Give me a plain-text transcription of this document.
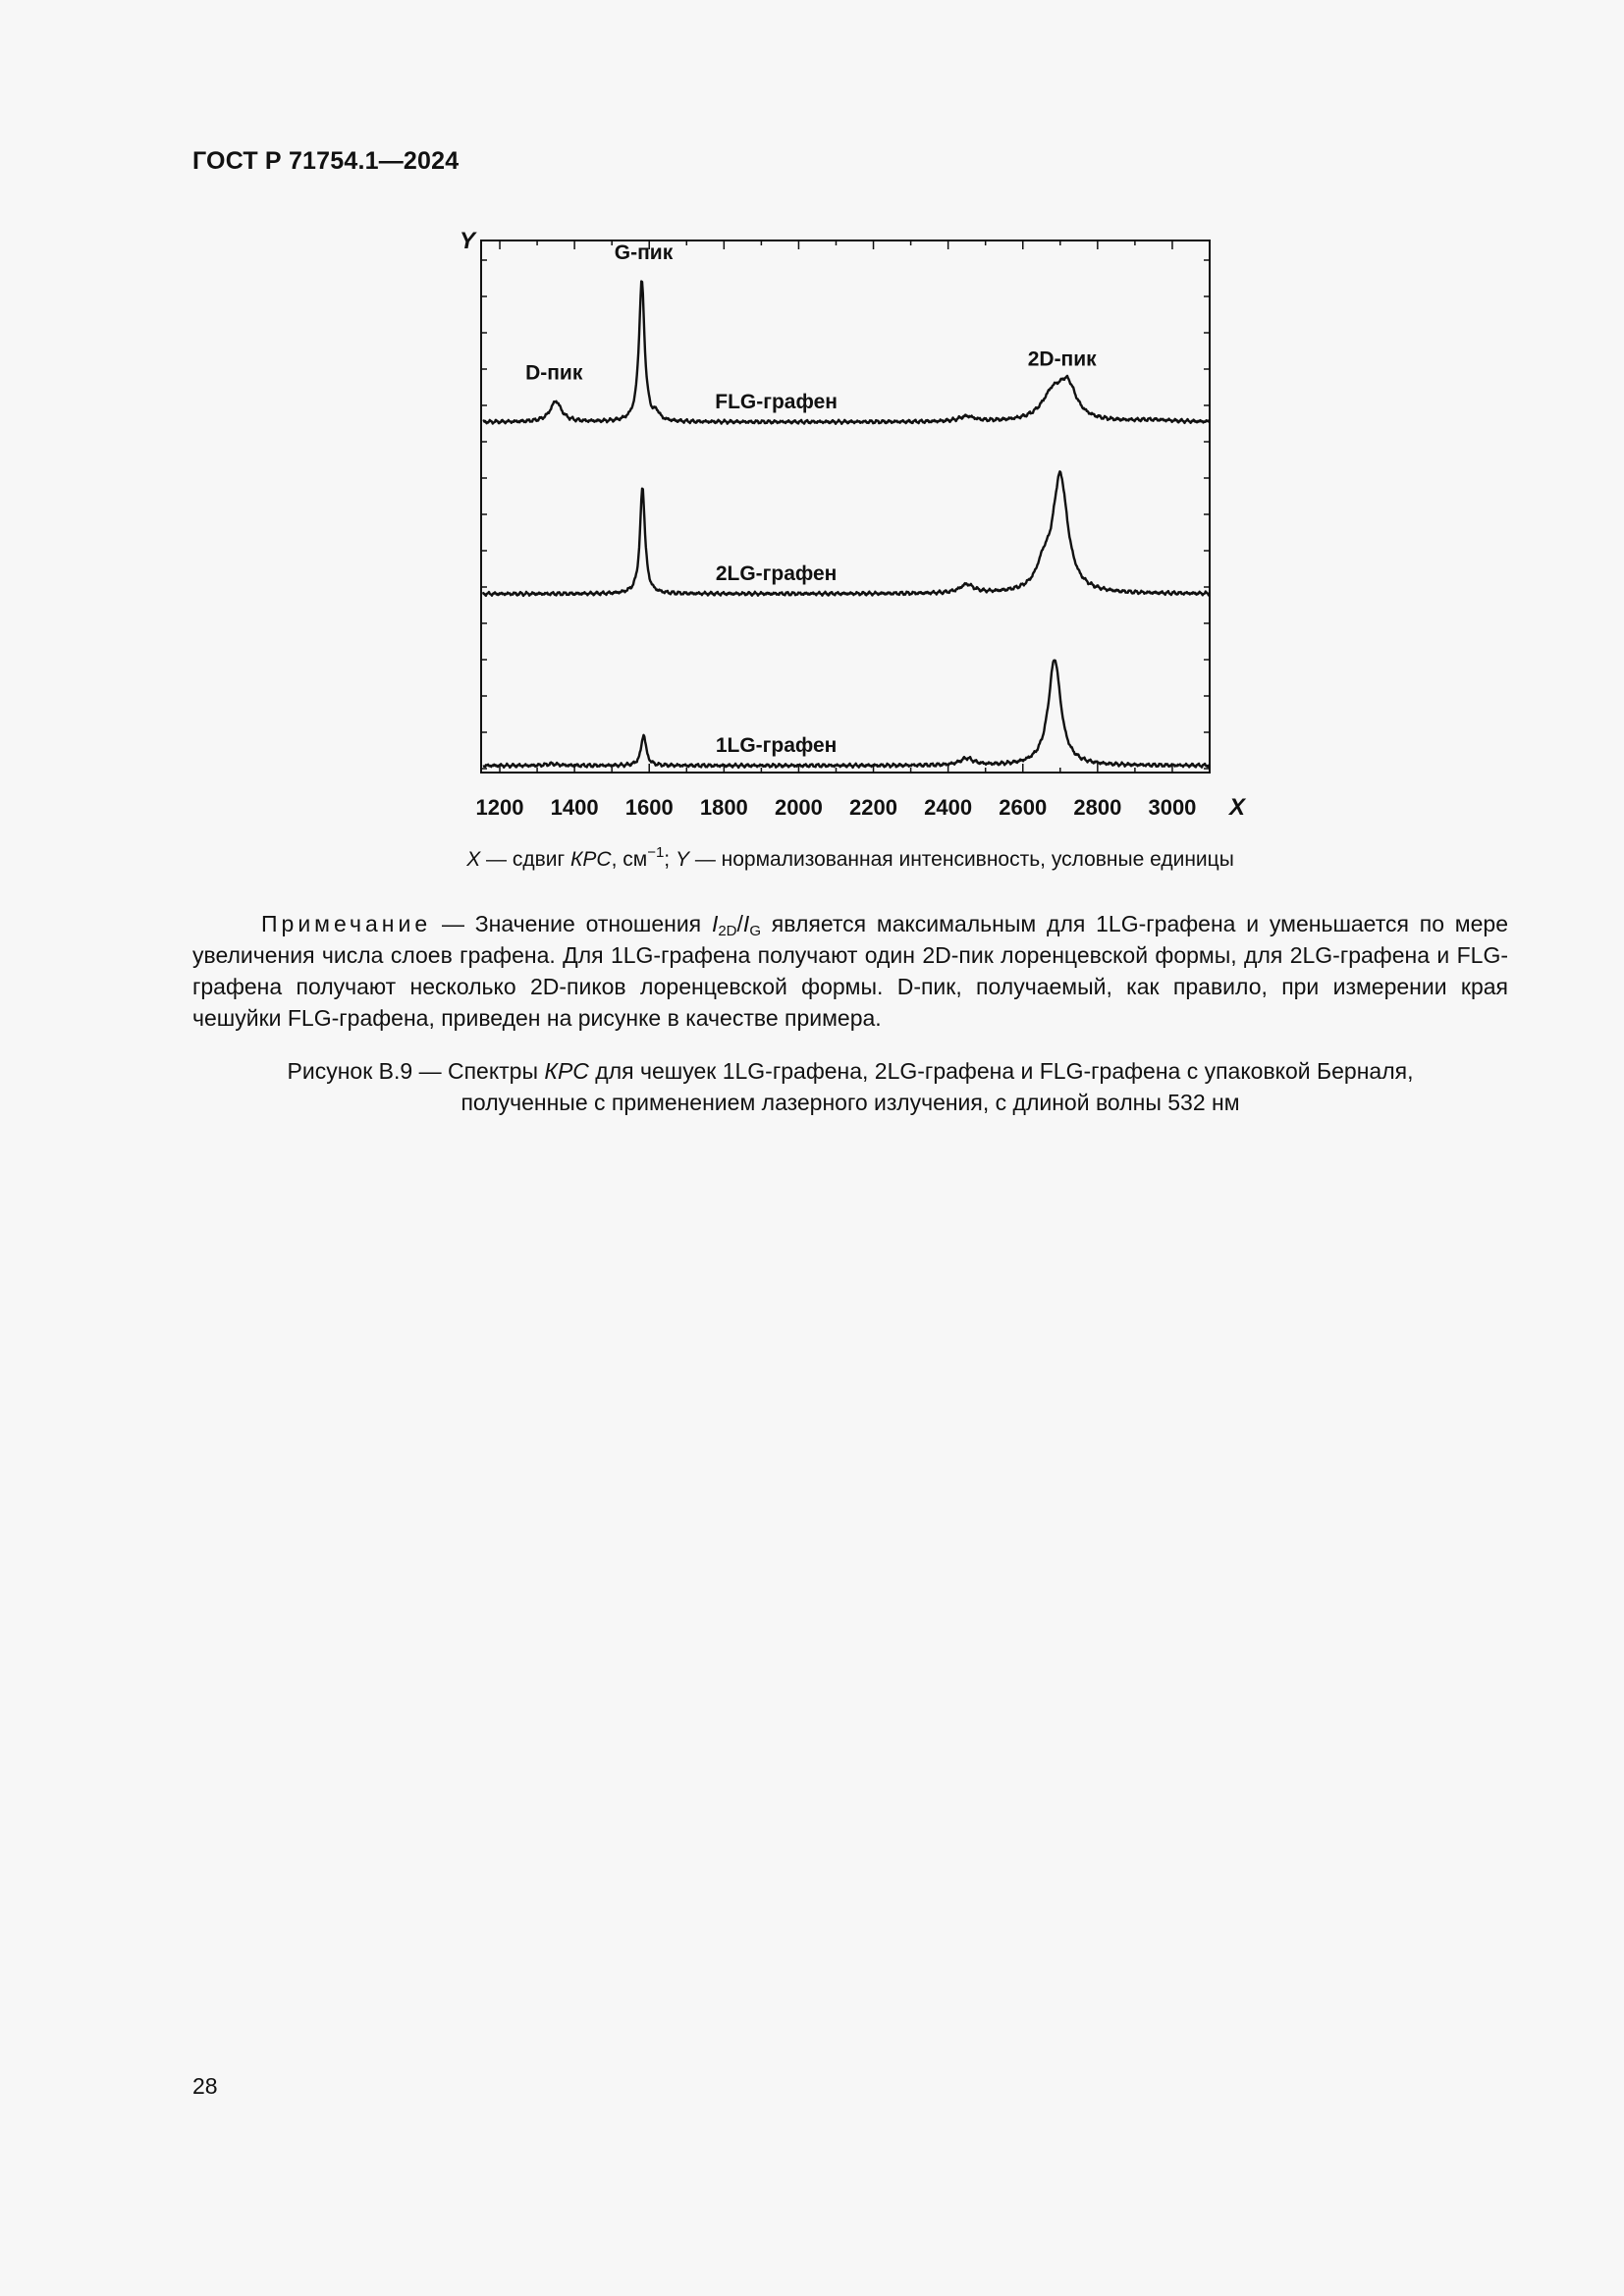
ГОСТ Р 71754.1—2024
Y
X
1200 1400 1600 1800 2000 2200 2400 2600 2800 3000
FLG-графен
2LG-графен
1LG-графен
G-пик
D-пик
2D-пик
X — сдвиг КРС, $см^{-1}$; Y — нормализованная интенсивность, условные единицы

Примечание — Значение отношения $I_{2D}/I_G$ является максимальным для 1LG-графена и уменьшается по мере увеличения числа слоев графена. Для 1LG-графена получают один 2D-пик лоренцевской формы, для 2LG-графена и FLG-графена получают несколько 2D-пиков лоренцевской формы. D-пик, получаемый, как правило, при измерении края чешуйки FLG-графена, приведен на рисунке в качестве примера.

Рисунок В.9 — Спектры КРС для чешуек 1LG-графена, 2LG-графена и FLG-графена с упаковкой Берналя,
полученные с применением лазерного излучения, с длиной волны 532 нм
28
